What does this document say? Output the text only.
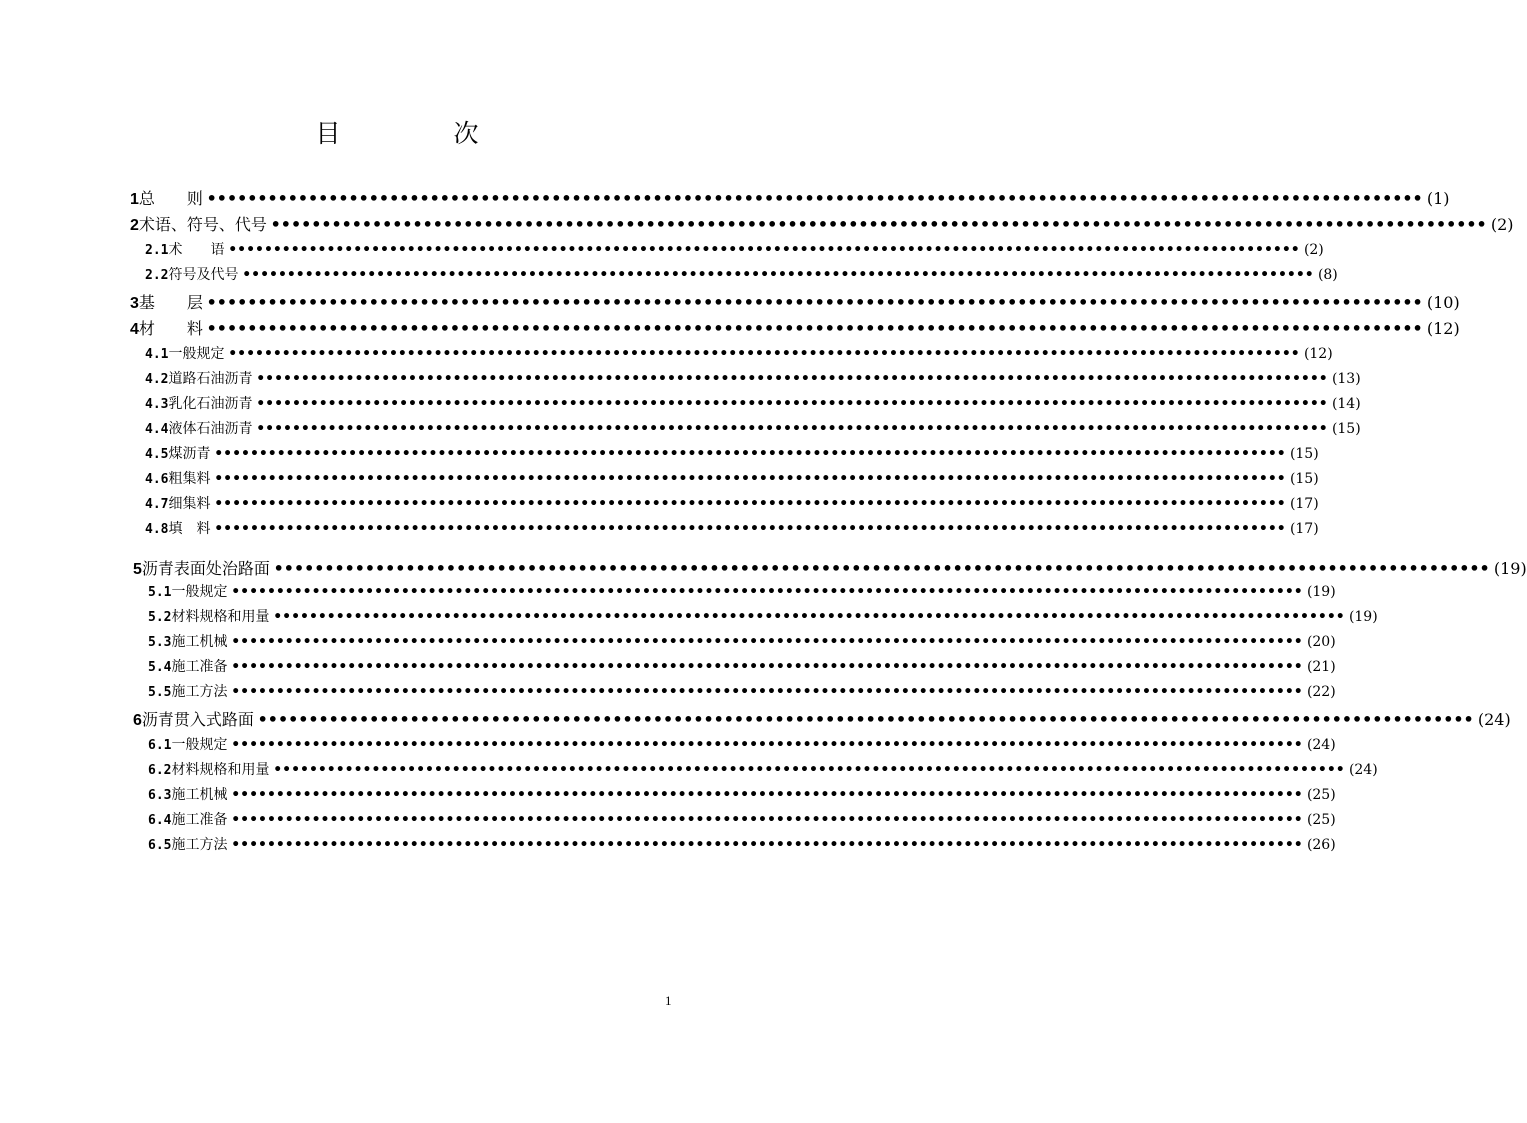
目　次
1 总　　则 •••••••••••••••••••••••••••••••••••••••••••••••••••••••••••••••••••••••••••••••••••••••••••••••••••••••••••••••••••••••• (1)
2 术语、符号、代号 •••••••••••••••••••••••••••••••••••••••••••••••••••••••••••••••••••••••••••••••••••••••••••••••••••••••••••••••••••••••• (2)
2.1 术　　语 •••••••••••••••••••••••••••••••••••••••••••••••••••••••••••••••••••••••••••••••••••••••••••••••••••••••••••••••••••••••• (2)
2.2 符号及代号 •••••••••••••••••••••••••••••••••••••••••••••••••••••••••••••••••••••••••••••••••••••••••••••••••••••••••••••••••••••••• (8)
3 基　　层 •••••••••••••••••••••••••••••••••••••••••••••••••••••••••••••••••••••••••••••••••••••••••••••••••••••••••••••••••••••••• (10)
4 材　　料 •••••••••••••••••••••••••••••••••••••••••••••••••••••••••••••••••••••••••••••••••••••••••••••••••••••••••••••••••••••••• (12)
4.1 一般规定 •••••••••••••••••••••••••••••••••••••••••••••••••••••••••••••••••••••••••••••••••••••••••••••••••••••••••••••••••••••••• (12)
4.2 道路石油沥青 •••••••••••••••••••••••••••••••••••••••••••••••••••••••••••••••••••••••••••••••••••••••••••••••••••••••••••••••••••••••• (13)
4.3 乳化石油沥青 •••••••••••••••••••••••••••••••••••••••••••••••••••••••••••••••••••••••••••••••••••••••••••••••••••••••••••••••••••••••• (14)
4.4 液体石油沥青 •••••••••••••••••••••••••••••••••••••••••••••••••••••••••••••••••••••••••••••••••••••••••••••••••••••••••••••••••••••••• (15)
4.5 煤沥青 •••••••••••••••••••••••••••••••••••••••••••••••••••••••••••••••••••••••••••••••••••••••••••••••••••••••••••••••••••••••• (15)
4.6 粗集料 •••••••••••••••••••••••••••••••••••••••••••••••••••••••••••••••••••••••••••••••••••••••••••••••••••••••••••••••••••••••• (15)
4.7 细集料 •••••••••••••••••••••••••••••••••••••••••••••••••••••••••••••••••••••••••••••••••••••••••••••••••••••••••••••••••••••••• (17)
4.8 填　料 •••••••••••••••••••••••••••••••••••••••••••••••••••••••••••••••••••••••••••••••••••••••••••••••••••••••••••••••••••••••• (17)
5 沥青表面处治路面 •••••••••••••••••••••••••••••••••••••••••••••••••••••••••••••••••••••••••••••••••••••••••••••••••••••••••••••••••••••••• (19)
5.1 一般规定 •••••••••••••••••••••••••••••••••••••••••••••••••••••••••••••••••••••••••••••••••••••••••••••••••••••••••••••••••••••••• (19)
5.2 材料规格和用量 •••••••••••••••••••••••••••••••••••••••••••••••••••••••••••••••••••••••••••••••••••••••••••••••••••••••••••••••••••••••• (19)
5.3 施工机械 •••••••••••••••••••••••••••••••••••••••••••••••••••••••••••••••••••••••••••••••••••••••••••••••••••••••••••••••••••••••• (20)
5.4 施工准备 •••••••••••••••••••••••••••••••••••••••••••••••••••••••••••••••••••••••••••••••••••••••••••••••••••••••••••••••••••••••• (21)
5.5 施工方法 •••••••••••••••••••••••••••••••••••••••••••••••••••••••••••••••••••••••••••••••••••••••••••••••••••••••••••••••••••••••• (22)
6 沥青贯入式路面 •••••••••••••••••••••••••••••••••••••••••••••••••••••••••••••••••••••••••••••••••••••••••••••••••••••••••••••••••••••••• (24)
6.1 一般规定 •••••••••••••••••••••••••••••••••••••••••••••••••••••••••••••••••••••••••••••••••••••••••••••••••••••••••••••••••••••••• (24)
6.2 材料规格和用量 •••••••••••••••••••••••••••••••••••••••••••••••••••••••••••••••••••••••••••••••••••••••••••••••••••••••••••••••••••••••• (24)
6.3 施工机械 •••••••••••••••••••••••••••••••••••••••••••••••••••••••••••••••••••••••••••••••••••••••••••••••••••••••••••••••••••••••• (25)
6.4 施工准备 •••••••••••••••••••••••••••••••••••••••••••••••••••••••••••••••••••••••••••••••••••••••••••••••••••••••••••••••••••••••• (25)
6.5 施工方法 •••••••••••••••••••••••••••••••••••••••••••••••••••••••••••••••••••••••••••••••••••••••••••••••••••••••••••••••••••••••• (26)
1
